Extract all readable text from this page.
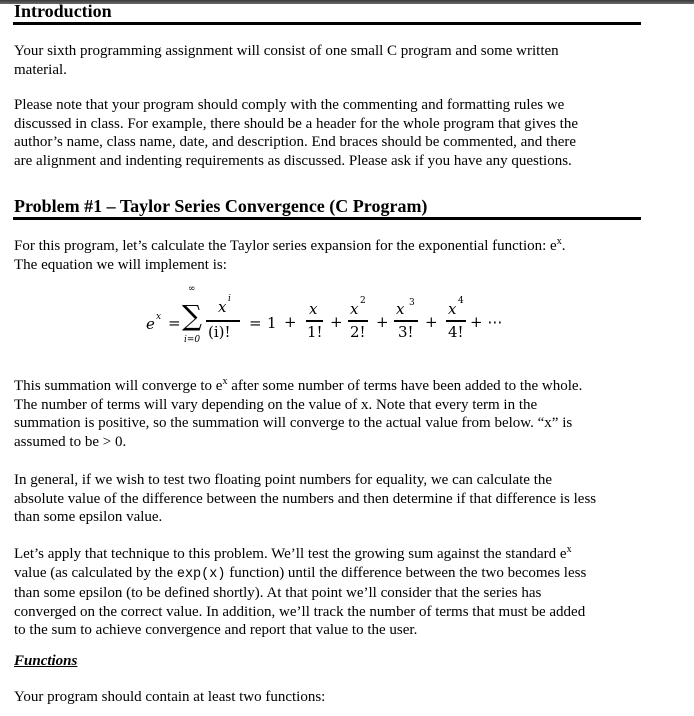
Introduction
Your sixth programming assignment will consist of one small C program and some written
material.
Please note that your program should comply with the commenting and formatting rules we
discussed in class. For example, there should be a header for the whole program that gives the
author’s name, class name, date, and description. End braces should be commented, and there
are alignment and indenting requirements as discussed. Please ask if you have any questions.
Problem #1 – Taylor Series Convergence (C Program)
For this program, let’s calculate the Taylor series expansion for the exponential function: $e^x$.
The equation we will implement is:
e x = ∑
∞
i=0
x i
(i)! = 1 +
x
1!
+
x 2
2!
+
x 3
3!
+
x 4
4!
+ ⋯
This summation will converge to $e^x$ after some number of terms have been added to the whole.
The number of terms will vary depending on the value of x. Note that every term in the
summation is positive, so the summation will converge to the actual value from below. “x” is
assumed to be > 0.
In general, if we wish to test two floating point numbers for equality, we can calculate the
absolute value of the difference between the numbers and then determine if that difference is less
than some epsilon value.
Let’s apply that technique to this problem. We’ll test the growing sum against the standard $e^x$
value (as calculated by the exp(x) function) until the difference between the two becomes less
than some epsilon (to be defined shortly). At that point we’ll consider that the series has
converged on the correct value. In addition, we’ll track the number of terms that must be added
to the sum to achieve convergence and report that value to the user.
Functions
Your program should contain at least two functions:
